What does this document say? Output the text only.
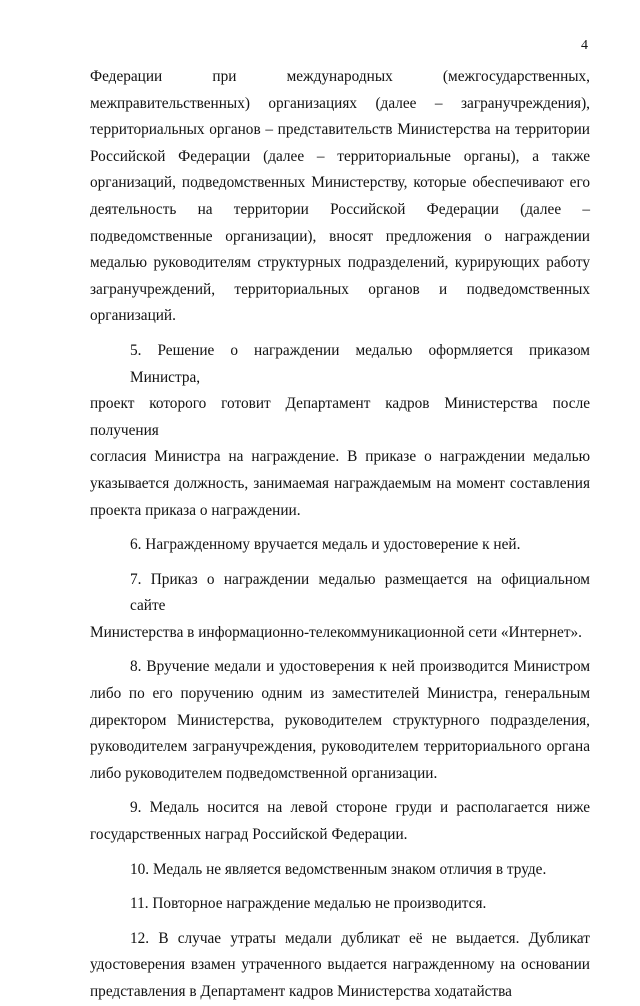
4
Федерации при международных (межгосударственных,
межправительственных) организациях (далее – загранучреждения),
территориальных органов – представительств Министерства на территории
Российской Федерации (далее – территориальные органы), а также
организаций, подведомственных Министерству, которые обеспечивают его
деятельность на территории Российской Федерации (далее –
подведомственные организации), вносят предложения о награждении
медалью руководителям структурных подразделений, курирующих работу
загранучреждений, территориальных органов и подведомственных
организаций.
5. Решение о награждении медалью оформляется приказом Министра,
проект которого готовит Департамент кадров Министерства после получения
согласия Министра на награждение. В приказе о награждении медалью
указывается должность, занимаемая награждаемым на момент составления
проекта приказа о награждении.
6. Награжденному вручается медаль и удостоверение к ней.
7. Приказ о награждении медалью размещается на официальном сайте
Министерства в информационно-телекоммуникационной сети «Интернет».
8. Вручение медали и удостоверения к ней производится Министром
либо по его поручению одним из заместителей Министра, генеральным
директором Министерства, руководителем структурного подразделения,
руководителем загранучреждения, руководителем территориального органа
либо руководителем подведомственной организации.
9. Медаль носится на левой стороне груди и располагается ниже
государственных наград Российской Федерации.
10. Медаль не является ведомственным знаком отличия в труде.
11. Повторное награждение медалью не производится.
12. В случае утраты медали дубликат её не выдается. Дубликат
удостоверения взамен утраченного выдается награжденному на основании
представления в Департамент кадров Министерства ходатайства
